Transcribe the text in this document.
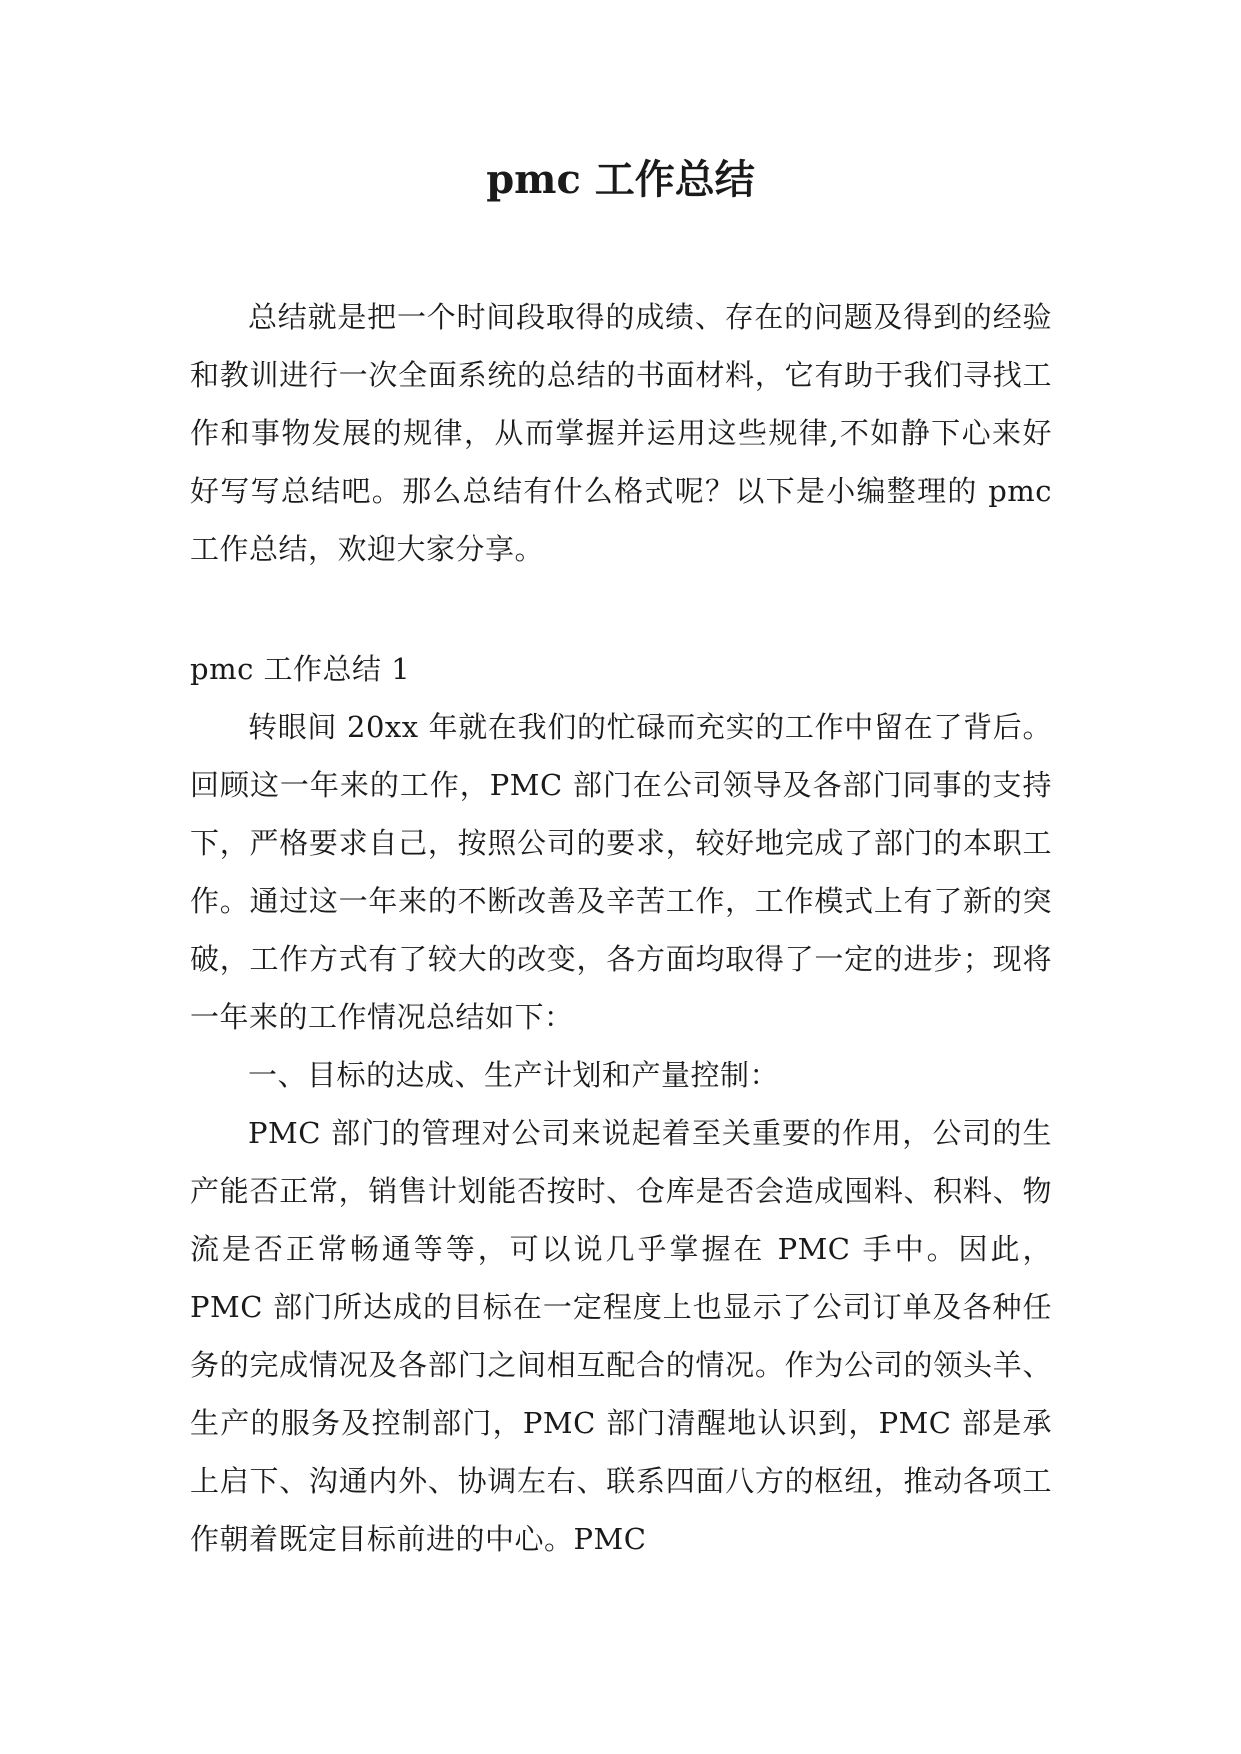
pmc 工作总结

总结就是把一个时间段取得的成绩、存在的问题及得到的经验和教训进行一次全面系统的总结的书面材料，它有助于我们寻找工作和事物发展的规律，从而掌握并运用这些规律,不如静下心来好好写写总结吧。那么总结有什么格式呢？以下是小编整理的 pmc 工作总结，欢迎大家分享。

pmc 工作总结 1

转眼间 20xx 年就在我们的忙碌而充实的工作中留在了背后。回顾这一年来的工作，PMC 部门在公司领导及各部门同事的支持下，严格要求自己，按照公司的要求，较好地完成了部门的本职工作。通过这一年来的不断改善及辛苦工作，工作模式上有了新的突破，工作方式有了较大的改变，各方面均取得了一定的进步；现将一年来的工作情况总结如下：

一、目标的达成、生产计划和产量控制：

PMC 部门的管理对公司来说起着至关重要的作用，公司的生产能否正常，销售计划能否按时、仓库是否会造成囤料、积料、物流是否正常畅通等等，可以说几乎掌握在 PMC 手中。因此，PMC 部门所达成的目标在一定程度上也显示了公司订单及各种任务的完成情况及各部门之间相互配合的情况。作为公司的领头羊、生产的服务及控制部门，PMC 部门清醒地认识到，PMC 部是承上启下、沟通内外、协调左右、联系四面八方的枢纽，推动各项工作朝着既定目标前进的中心。PMC
